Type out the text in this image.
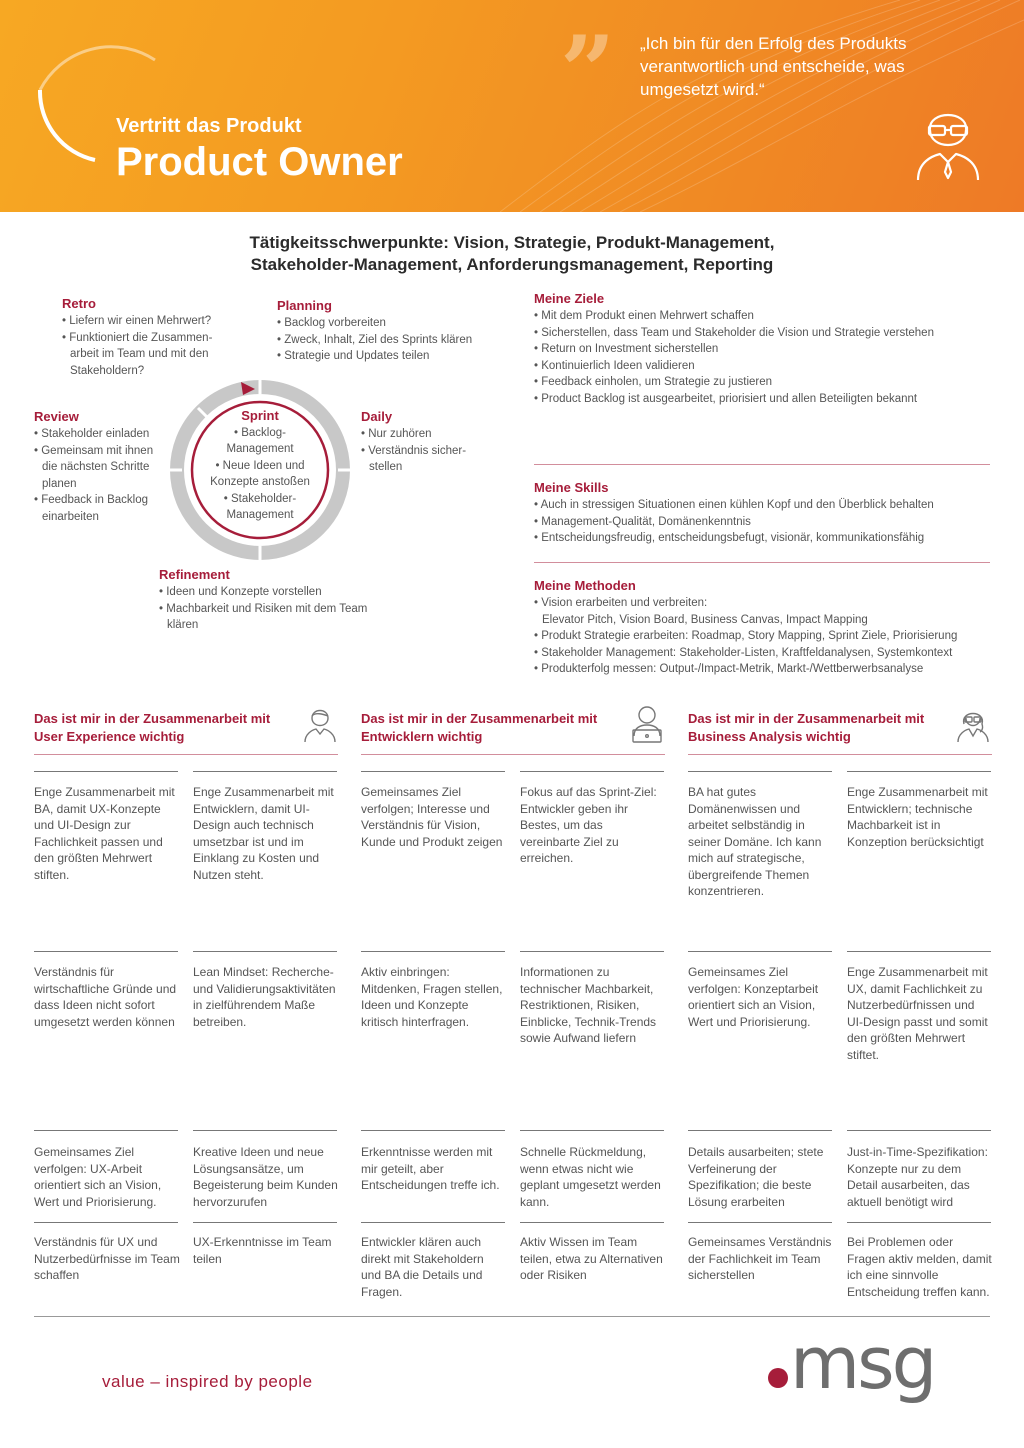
Vertritt das Produkt
Product Owner
” „Ich bin für den Erfolg des Produkts verantwortlich und entscheide, was umgesetzt wird.“
Tätigkeitsschwerpunkte: Vision, Strategie, Produkt-Management,
Stakeholder-Management, Anforderungsmanagement, Reporting
Sprint
• Backlog-Management
• Neue Ideen und Konzepte anstoßen
• Stakeholder-Management
Retro
• Liefern wir einen Mehrwert?
• Funktioniert die Zusammen-arbeit im Team und mit den Stakeholdern?
Planning
• Backlog vorbereiten
• Zweck, Inhalt, Ziel des Sprints klären
• Strategie und Updates teilen
Review
• Stakeholder einladen
• Gemeinsam mit ihnen die nächsten Schritte planen
• Feedback in Backlog einarbeiten
Daily
• Nur zuhören
• Verständnis sicher-stellen
Refinement
• Ideen und Konzepte vorstellen
• Machbarkeit und Risiken mit dem Team klären
Meine Ziele
• Mit dem Produkt einen Mehrwert schaffen
• Sicherstellen, dass Team und Stakeholder die Vision und Strategie verstehen
• Return on Investment sicherstellen
• Kontinuierlich Ideen validieren
• Feedback einholen, um Strategie zu justieren
• Product Backlog ist ausgearbeitet, priorisiert und allen Beteiligten bekannt
Meine Skills
• Auch in stressigen Situationen einen kühlen Kopf und den Überblick behalten
• Management-Qualität, Domänenkenntnis
• Entscheidungsfreudig, entscheidungsbefugt, visionär, kommunikationsfähig
Meine Methoden
• Vision erarbeiten und verbreiten:
Elevator Pitch, Vision Board, Business Canvas, Impact Mapping
• Produkt Strategie erarbeiten: Roadmap, Story Mapping, Sprint Ziele, Priorisierung
• Stakeholder Management: Stakeholder-Listen, Kraftfeldanalysen, Systemkontext
• Produkterfolg messen: Output-/Impact-Metrik, Markt-/Wettberwerbsanalyse
Das ist mir in der Zusammenarbeit mit User Experience wichtig
Das ist mir in der Zusammenarbeit mit Entwicklern wichtig
Das ist mir in der Zusammenarbeit mit Business Analysis wichtig
Enge Zusammenarbeit mit BA, damit UX-Konzepte und UI-Design zur Fachlichkeit passen und den größten Mehrwert stiften.
Enge Zusammenarbeit mit Entwicklern, damit UI-Design auch technisch umsetzbar ist und im Einklang zu Kosten und Nutzen steht.
Verständnis für wirtschaftliche Gründe und dass Ideen nicht sofort umgesetzt werden können
Lean Mindset: Recherche- und Validierungsaktivitäten in zielführendem Maße betreiben.
Gemeinsames Ziel verfolgen: UX-Arbeit orientiert sich an Vision, Wert und Priorisierung.
Kreative Ideen und neue Lösungsansätze, um Begeisterung beim Kunden hervorzurufen
Verständnis für UX und Nutzerbedürfnisse im Team schaffen
UX-Erkenntnisse im Team teilen
Gemeinsames Ziel verfolgen; Interesse und Verständnis für Vision, Kunde und Produkt zeigen
Fokus auf das Sprint-Ziel: Entwickler geben ihr Bestes, um das vereinbarte Ziel zu erreichen.
Aktiv einbringen: Mitdenken, Fragen stellen, Ideen und Konzepte kritisch hinterfragen.
Informationen zu technischer Machbarkeit, Restriktionen, Risiken, Einblicke, Technik-Trends sowie Aufwand liefern
Erkenntnisse werden mit mir geteilt, aber Entscheidungen treffe ich.
Schnelle Rückmeldung, wenn etwas nicht wie geplant umgesetzt werden kann.
Entwickler klären auch direkt mit Stakeholdern und BA die Details und Fragen.
Aktiv Wissen im Team teilen, etwa zu Alternativen oder Risiken
BA hat gutes Domänenwissen und arbeitet selbständig in seiner Domäne. Ich kann mich auf strategische, übergreifende Themen konzentrieren.
Enge Zusammenarbeit mit Entwicklern; technische Machbarkeit ist in Konzeption berücksichtigt
Gemeinsames Ziel verfolgen: Konzeptarbeit orientiert sich an Vision, Wert und Priorisierung.
Enge Zusammenarbeit mit UX, damit Fachlichkeit zu Nutzerbedürfnissen und UI-Design passt und somit den größten Mehrwert stiftet.
Details ausarbeiten; stete Verfeinerung der Spezifikation; die beste Lösung erarbeiten
Just-in-Time-Spezifikation: Konzepte nur zu dem Detail ausarbeiten, das aktuell benötigt wird
Gemeinsames Verständnis der Fachlichkeit im Team sicherstellen
Bei Problemen oder Fragen aktiv melden, damit ich eine sinnvolle Entscheidung treffen kann.
value – inspired by people	msg
